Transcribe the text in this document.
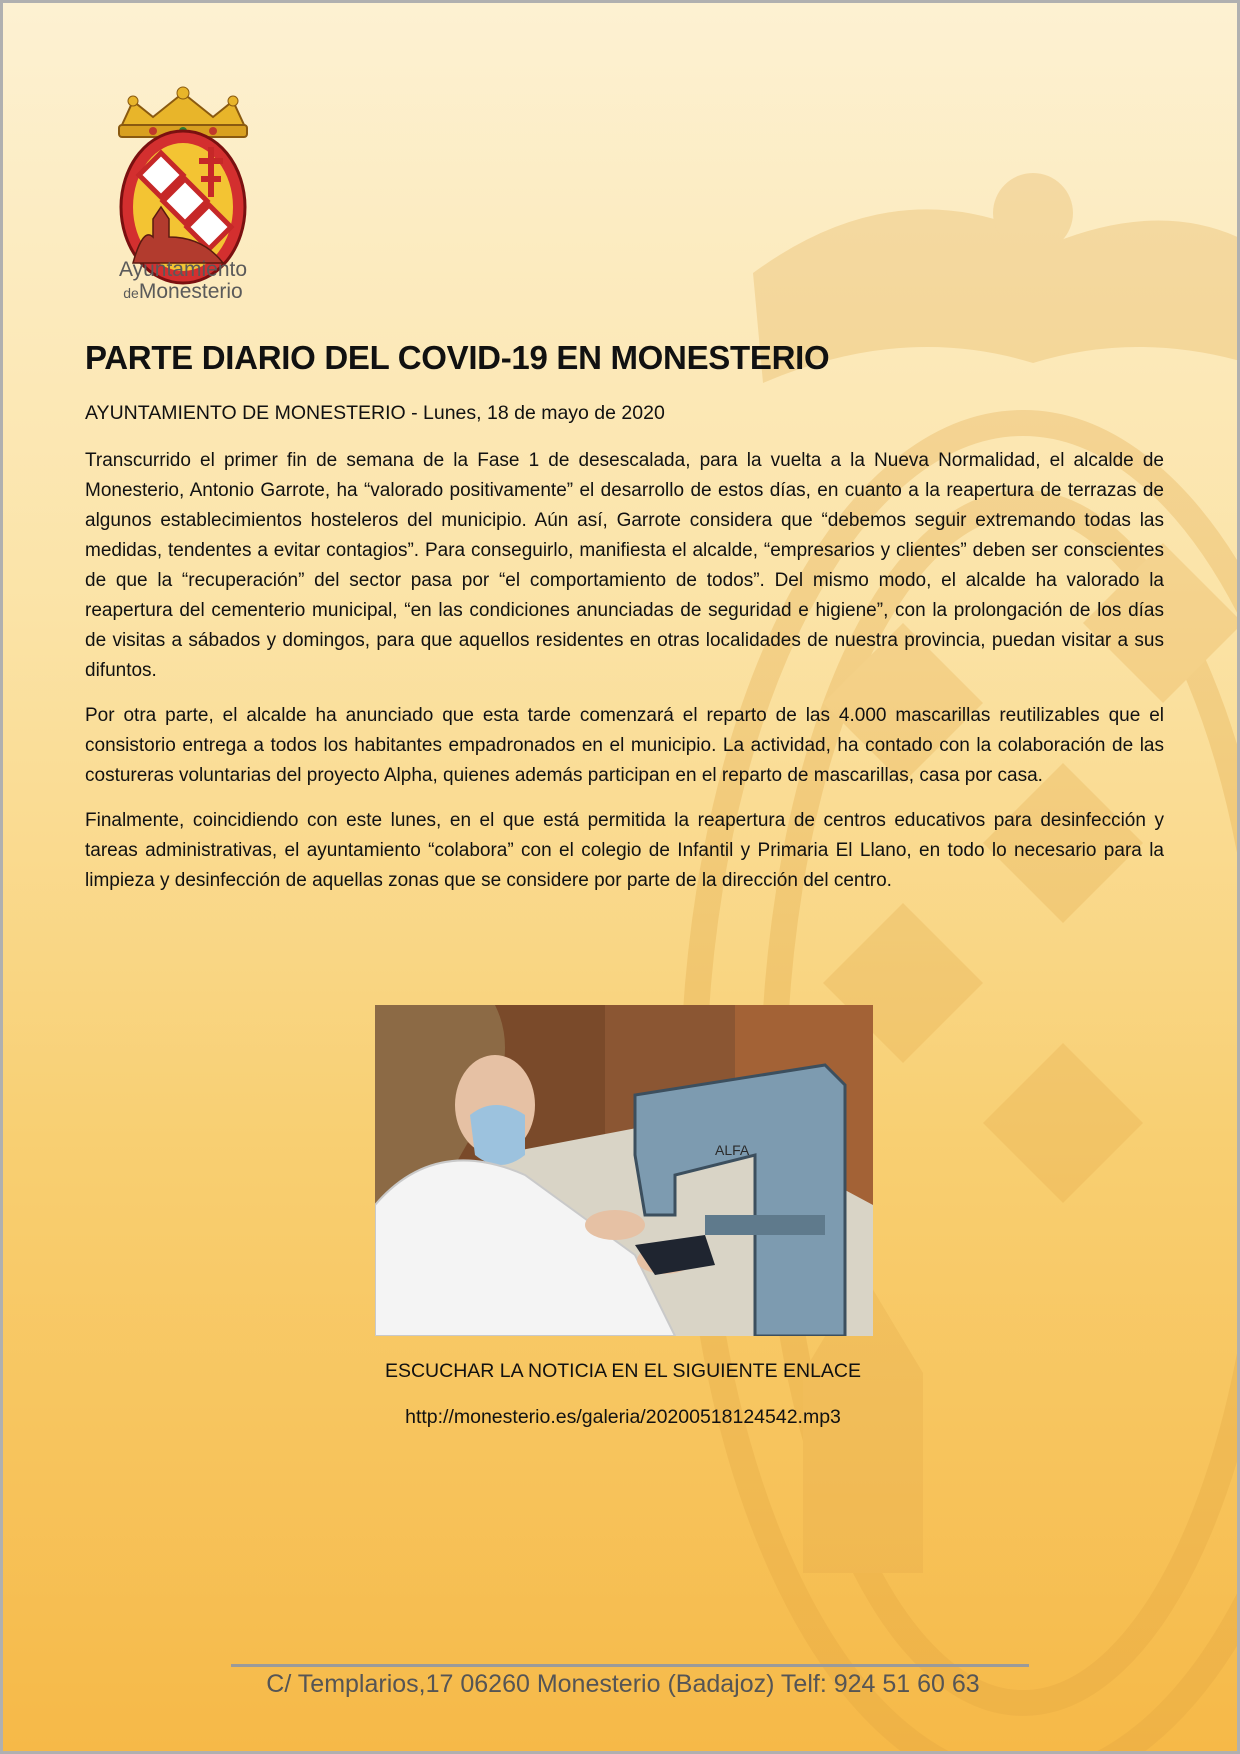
Ayuntamiento
deMonesterio
PARTE DIARIO DEL COVID-19 EN MONESTERIO
AYUNTAMIENTO DE MONESTERIO - Lunes, 18 de mayo de 2020

Transcurrido el primer fin de semana de la Fase 1 de desescalada, para la vuelta a la Nueva Normalidad, el alcalde de Monesterio, Antonio Garrote, ha “valorado positivamente” el desarrollo de estos días, en cuanto a la reapertura de terrazas de algunos establecimientos hosteleros del municipio. Aún así, Garrote considera que “debemos seguir extremando todas las medidas, tendentes a evitar contagios”. Para conseguirlo, manifiesta el alcalde, “empresarios y clientes” deben ser conscientes de que la “recuperación” del sector pasa por “el comportamiento de todos”. Del mismo modo, el alcalde ha valorado la reapertura del cementerio municipal, “en las condiciones anunciadas de seguridad e higiene”, con la prolongación de los días de visitas a sábados y domingos, para que aquellos residentes en otras localidades de nuestra provincia, puedan visitar a sus difuntos.

Por otra parte, el alcalde ha anunciado que esta tarde comenzará el reparto de las 4.000 mascarillas reutilizables que el consistorio entrega a todos los habitantes empadronados en el municipio. La actividad, ha contado con la colaboración de las costureras voluntarias del proyecto Alpha, quienes además participan en el reparto de mascarillas, casa por casa.

Finalmente, coincidiendo con este lunes, en el que está permitida la reapertura de centros educativos para desinfección y tareas administrativas, el ayuntamiento “colabora” con el colegio de Infantil y Primaria El Llano, en todo lo necesario para la limpieza y desinfección de aquellas zonas que se considere por parte de la dirección del centro.

ALFA
ESCUCHAR LA NOTICIA EN EL SIGUIENTE ENLACE
http://monesterio.es/galeria/20200518124542.mp3
C/ Templarios,17 06260 Monesterio (Badajoz) Telf: 924 51 60 63
